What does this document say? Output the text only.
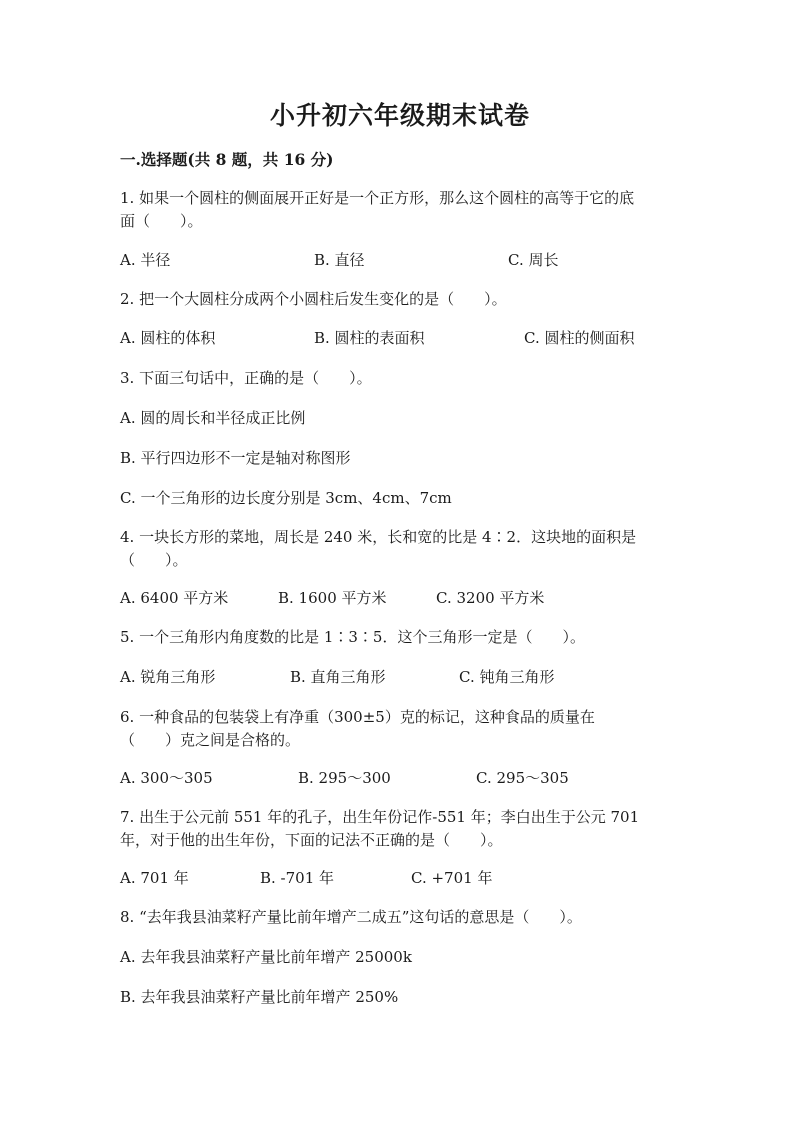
小升初六年级期末试卷
一.选择题(共 8 题，共 16 分)
1. 如果一个圆柱的侧面展开正好是一个正方形，那么这个圆柱的高等于它的底
面（　　）。
A. 半径	B. 直径	C. 周长
2. 把一个大圆柱分成两个小圆柱后发生变化的是（　　）。
A. 圆柱的体积	B. 圆柱的表面积	C. 圆柱的侧面积
3. 下面三句话中，正确的是（　　）。
A. 圆的周长和半径成正比例
B. 平行四边形不一定是轴对称图形
C. 一个三角形的边长度分别是 3cm、4cm、7cm
4. 一块长方形的菜地，周长是 240 米，长和宽的比是 4∶2．这块地的面积是
（　　）。
A. 6400 平方米	B. 1600 平方米	C. 3200 平方米
5. 一个三角形内角度数的比是 1∶3∶5．这个三角形一定是（　　）。
A. 锐角三角形	B. 直角三角形	C. 钝角三角形
6. 一种食品的包装袋上有净重（300±5）克的标记，这种食品的质量在
（　　）克之间是合格的。
A. 300～305	B. 295～300	C. 295～305
7. 出生于公元前 551 年的孔子，出生年份记作-551 年；李白出生于公元 701
年，对于他的出生年份，下面的记法不正确的是（　　）。
A. 701 年	B. -701 年	C. +701 年
8. “去年我县油菜籽产量比前年增产二成五”这句话的意思是（　　）。
A. 去年我县油菜籽产量比前年增产 25000k
B. 去年我县油菜籽产量比前年增产 250%
